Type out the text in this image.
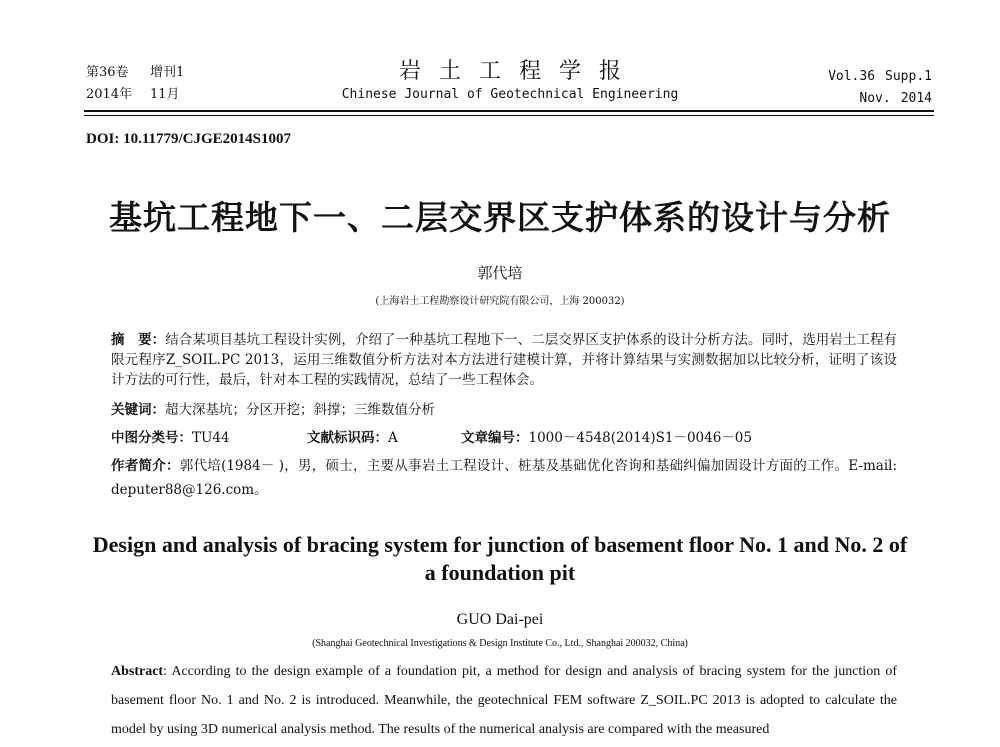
第36卷 增刊1
2014年 11月
岩土工程学报
Chinese Journal of Geotechnical Engineering
Vol.36 Supp.1
Nov. 2014
DOI: 10.11779/CJGE2014S1007
基坑工程地下一、二层交界区支护体系的设计与分析
郭代培
(上海岩土工程勘察设计研究院有限公司，上海 200032)
摘　要：结合某项目基坑工程设计实例，介绍了一种基坑工程地下一、二层交界区支护体系的设计分析方法。同时，选用岩土工程有限元程序Z_SOIL.PC 2013，运用三维数值分析方法对本方法进行建模计算，并将计算结果与实测数据加以比较分析，证明了该设计方法的可行性，最后，针对本工程的实践情况，总结了一些工程体会。
关键词：超大深基坑；分区开挖；斜撑；三维数值分析
中图分类号：TU44	文献标识码：A	文章编号：1000－4548(2014)S1－0046－05
作者简介：郭代培(1984－ )，男，硕士，主要从事岩土工程设计、桩基及基础优化咨询和基础纠偏加固设计方面的工作。E-mail: deputer88@126.com。
Design and analysis of bracing system for junction of basement floor No. 1 and No. 2 of a foundation pit
GUO Dai-pei
(Shanghai Geotechnical Investigations & Design Institute Co., Ltd., Shanghai 200032, China)
Abstract: According to the design example of a foundation pit, a method for design and analysis of bracing system for the junction of basement floor No. 1 and No. 2 is introduced. Meanwhile, the geotechnical FEM software Z_SOIL.PC 2013 is adopted to calculate the model by using 3D numerical analysis method. The results of the numerical analysis are compared with the measured
